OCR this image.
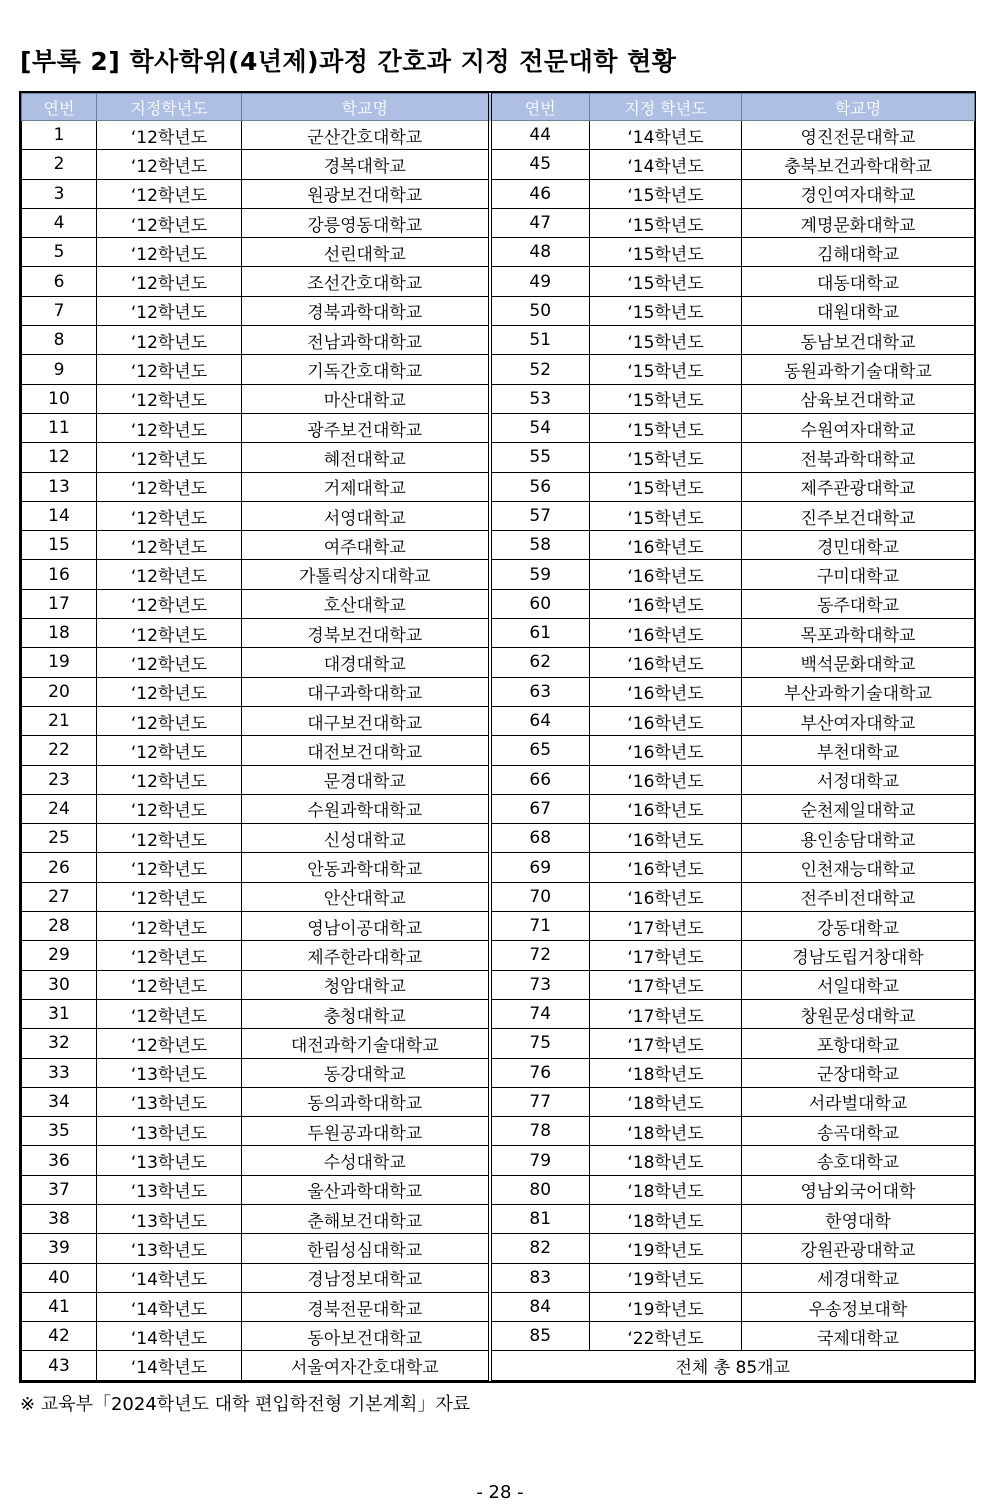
[부록 2] 학사학위(4년제)과정 간호과 지정 전문대학 현황
연번	지정학년도	학교명	연번	지정 학년도	학교명
1	‘12학년도	군산간호대학교	44	‘14학년도	영진전문대학교
2	‘12학년도	경복대학교	45	‘14학년도	충북보건과학대학교
3	‘12학년도	원광보건대학교	46	‘15학년도	경인여자대학교
4	‘12학년도	강릉영동대학교	47	‘15학년도	계명문화대학교
5	‘12학년도	선린대학교	48	‘15학년도	김해대학교
6	‘12학년도	조선간호대학교	49	‘15학년도	대동대학교
7	‘12학년도	경북과학대학교	50	‘15학년도	대원대학교
8	‘12학년도	전남과학대학교	51	‘15학년도	동남보건대학교
9	‘12학년도	기독간호대학교	52	‘15학년도	동원과학기술대학교
10	‘12학년도	마산대학교	53	‘15학년도	삼육보건대학교
11	‘12학년도	광주보건대학교	54	‘15학년도	수원여자대학교
12	‘12학년도	혜전대학교	55	‘15학년도	전북과학대학교
13	‘12학년도	거제대학교	56	‘15학년도	제주관광대학교
14	‘12학년도	서영대학교	57	‘15학년도	진주보건대학교
15	‘12학년도	여주대학교	58	‘16학년도	경민대학교
16	‘12학년도	가톨릭상지대학교	59	‘16학년도	구미대학교
17	‘12학년도	호산대학교	60	‘16학년도	동주대학교
18	‘12학년도	경북보건대학교	61	‘16학년도	목포과학대학교
19	‘12학년도	대경대학교	62	‘16학년도	백석문화대학교
20	‘12학년도	대구과학대학교	63	‘16학년도	부산과학기술대학교
21	‘12학년도	대구보건대학교	64	‘16학년도	부산여자대학교
22	‘12학년도	대전보건대학교	65	‘16학년도	부천대학교
23	‘12학년도	문경대학교	66	‘16학년도	서정대학교
24	‘12학년도	수원과학대학교	67	‘16학년도	순천제일대학교
25	‘12학년도	신성대학교	68	‘16학년도	용인송담대학교
26	‘12학년도	안동과학대학교	69	‘16학년도	인천재능대학교
27	‘12학년도	안산대학교	70	‘16학년도	전주비전대학교
28	‘12학년도	영남이공대학교	71	‘17학년도	강동대학교
29	‘12학년도	제주한라대학교	72	‘17학년도	경남도립거창대학
30	‘12학년도	청암대학교	73	‘17학년도	서일대학교
31	‘12학년도	충청대학교	74	‘17학년도	창원문성대학교
32	‘12학년도	대전과학기술대학교	75	‘17학년도	포항대학교
33	‘13학년도	동강대학교	76	‘18학년도	군장대학교
34	‘13학년도	동의과학대학교	77	‘18학년도	서라벌대학교
35	‘13학년도	두원공과대학교	78	‘18학년도	송곡대학교
36	‘13학년도	수성대학교	79	‘18학년도	송호대학교
37	‘13학년도	울산과학대학교	80	‘18학년도	영남외국어대학
38	‘13학년도	춘해보건대학교	81	‘18학년도	한영대학
39	‘13학년도	한림성심대학교	82	‘19학년도	강원관광대학교
40	‘14학년도	경남정보대학교	83	‘19학년도	세경대학교
41	‘14학년도	경북전문대학교	84	‘19학년도	우송정보대학
42	‘14학년도	동아보건대학교	85	‘22학년도	국제대학교
43	‘14학년도	서울여자간호대학교	전체 총 85개교		
※ 교육부「2024학년도 대학 편입학전형 기본계획」자료
- 28 -
